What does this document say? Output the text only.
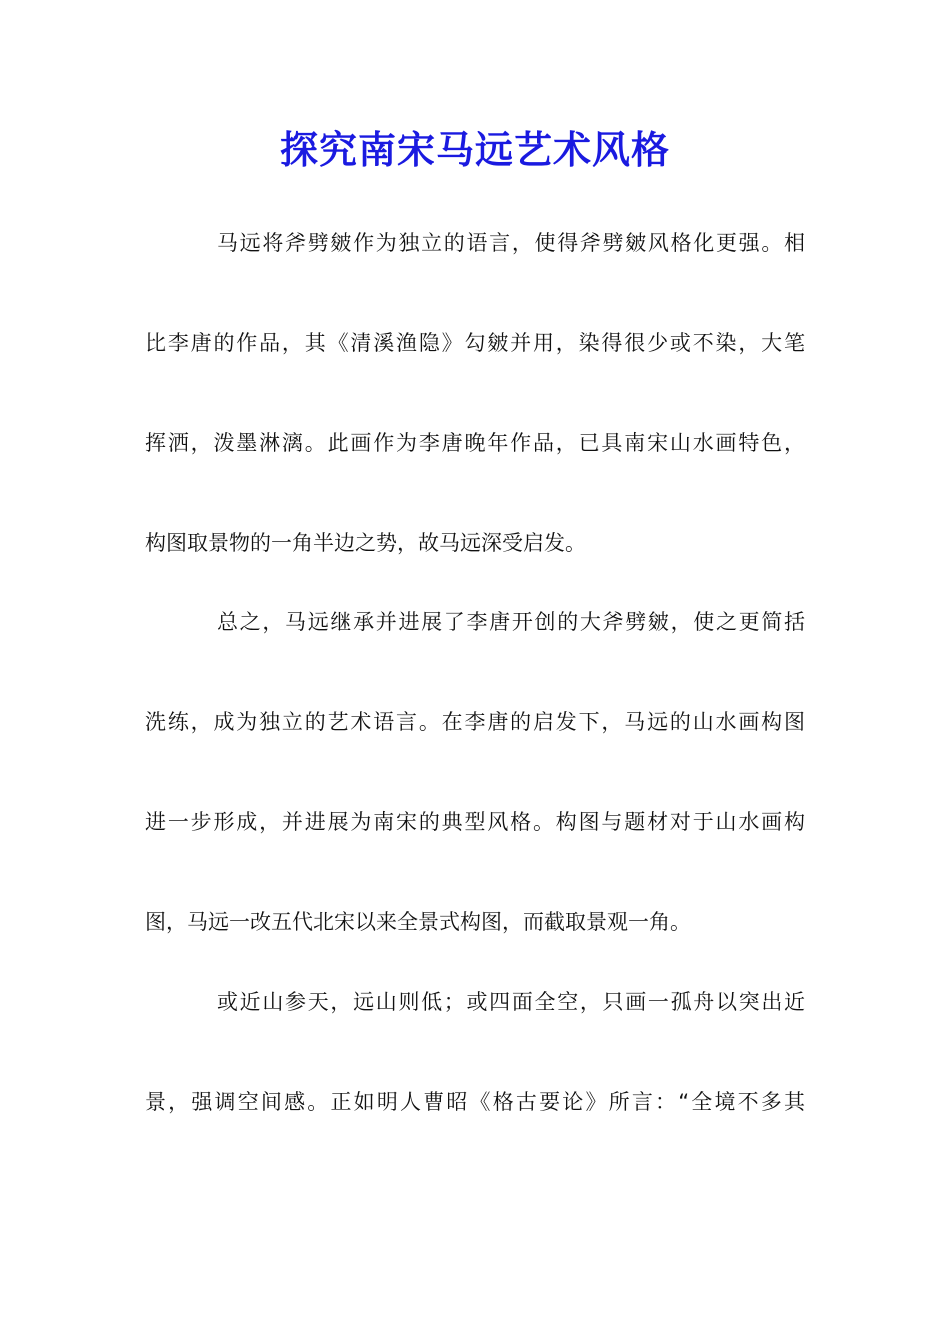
探究南宋马远艺术风格
马远将斧劈皴作为独立的语言，使得斧劈皴风格化更强。相
比李唐的作品，其《清溪渔隐》勾皴并用，染得很少或不染，大笔
挥洒，泼墨淋漓。此画作为李唐晚年作品，已具南宋山水画特色，
构图取景物的一角半边之势，故马远深受启发。
总之，马远继承并进展了李唐开创的大斧劈皴，使之更简括
洗练，成为独立的艺术语言。在李唐的启发下，马远的山水画构图
进一步形成，并进展为南宋的典型风格。构图与题材对于山水画构
图，马远一改五代北宋以来全景式构图，而截取景观一角。
或近山参天，远山则低；或四面全空，只画一孤舟以突出近
景，强调空间感。正如明人曹昭《格古要论》所言：“全境不多其
